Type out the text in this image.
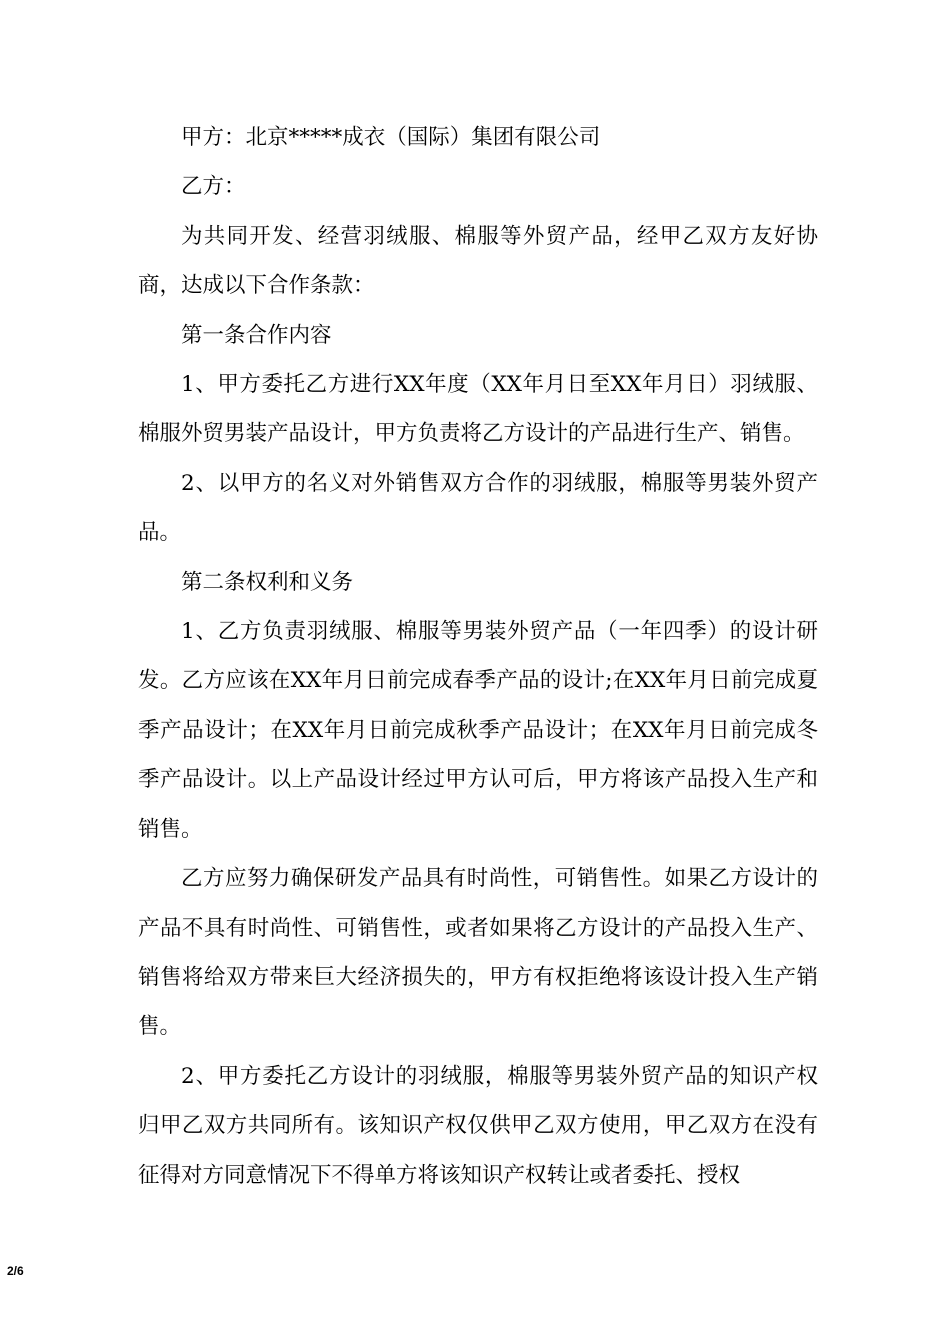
甲方：北京*****成衣（国际）集团有限公司

乙方：

为共同开发、经营羽绒服、棉服等外贸产品，经甲乙双方友好协商，达成以下合作条款：

第一条合作内容

1、甲方委托乙方进行XX年度（XX年月日至XX年月日）羽绒服、棉服外贸男装产品设计，甲方负责将乙方设计的产品进行生产、销售。

2、以甲方的名义对外销售双方合作的羽绒服，棉服等男装外贸产品。

第二条权利和义务

1、乙方负责羽绒服、棉服等男装外贸产品（一年四季）的设计研发。乙方应该在XX年月日前完成春季产品的设计;在XX年月日前完成夏季产品设计；在XX年月日前完成秋季产品设计；在XX年月日前完成冬季产品设计。以上产品设计经过甲方认可后，甲方将该产品投入生产和销售。

乙方应努力确保研发产品具有时尚性，可销售性。如果乙方设计的产品不具有时尚性、可销售性，或者如果将乙方设计的产品投入生产、销售将给双方带来巨大经济损失的，甲方有权拒绝将该设计投入生产销售。

2、甲方委托乙方设计的羽绒服，棉服等男装外贸产品的知识产权归甲乙双方共同所有。该知识产权仅供甲乙双方使用，甲乙双方在没有征得对方同意情况下不得单方将该知识产权转让或者委托、授权

2/6
